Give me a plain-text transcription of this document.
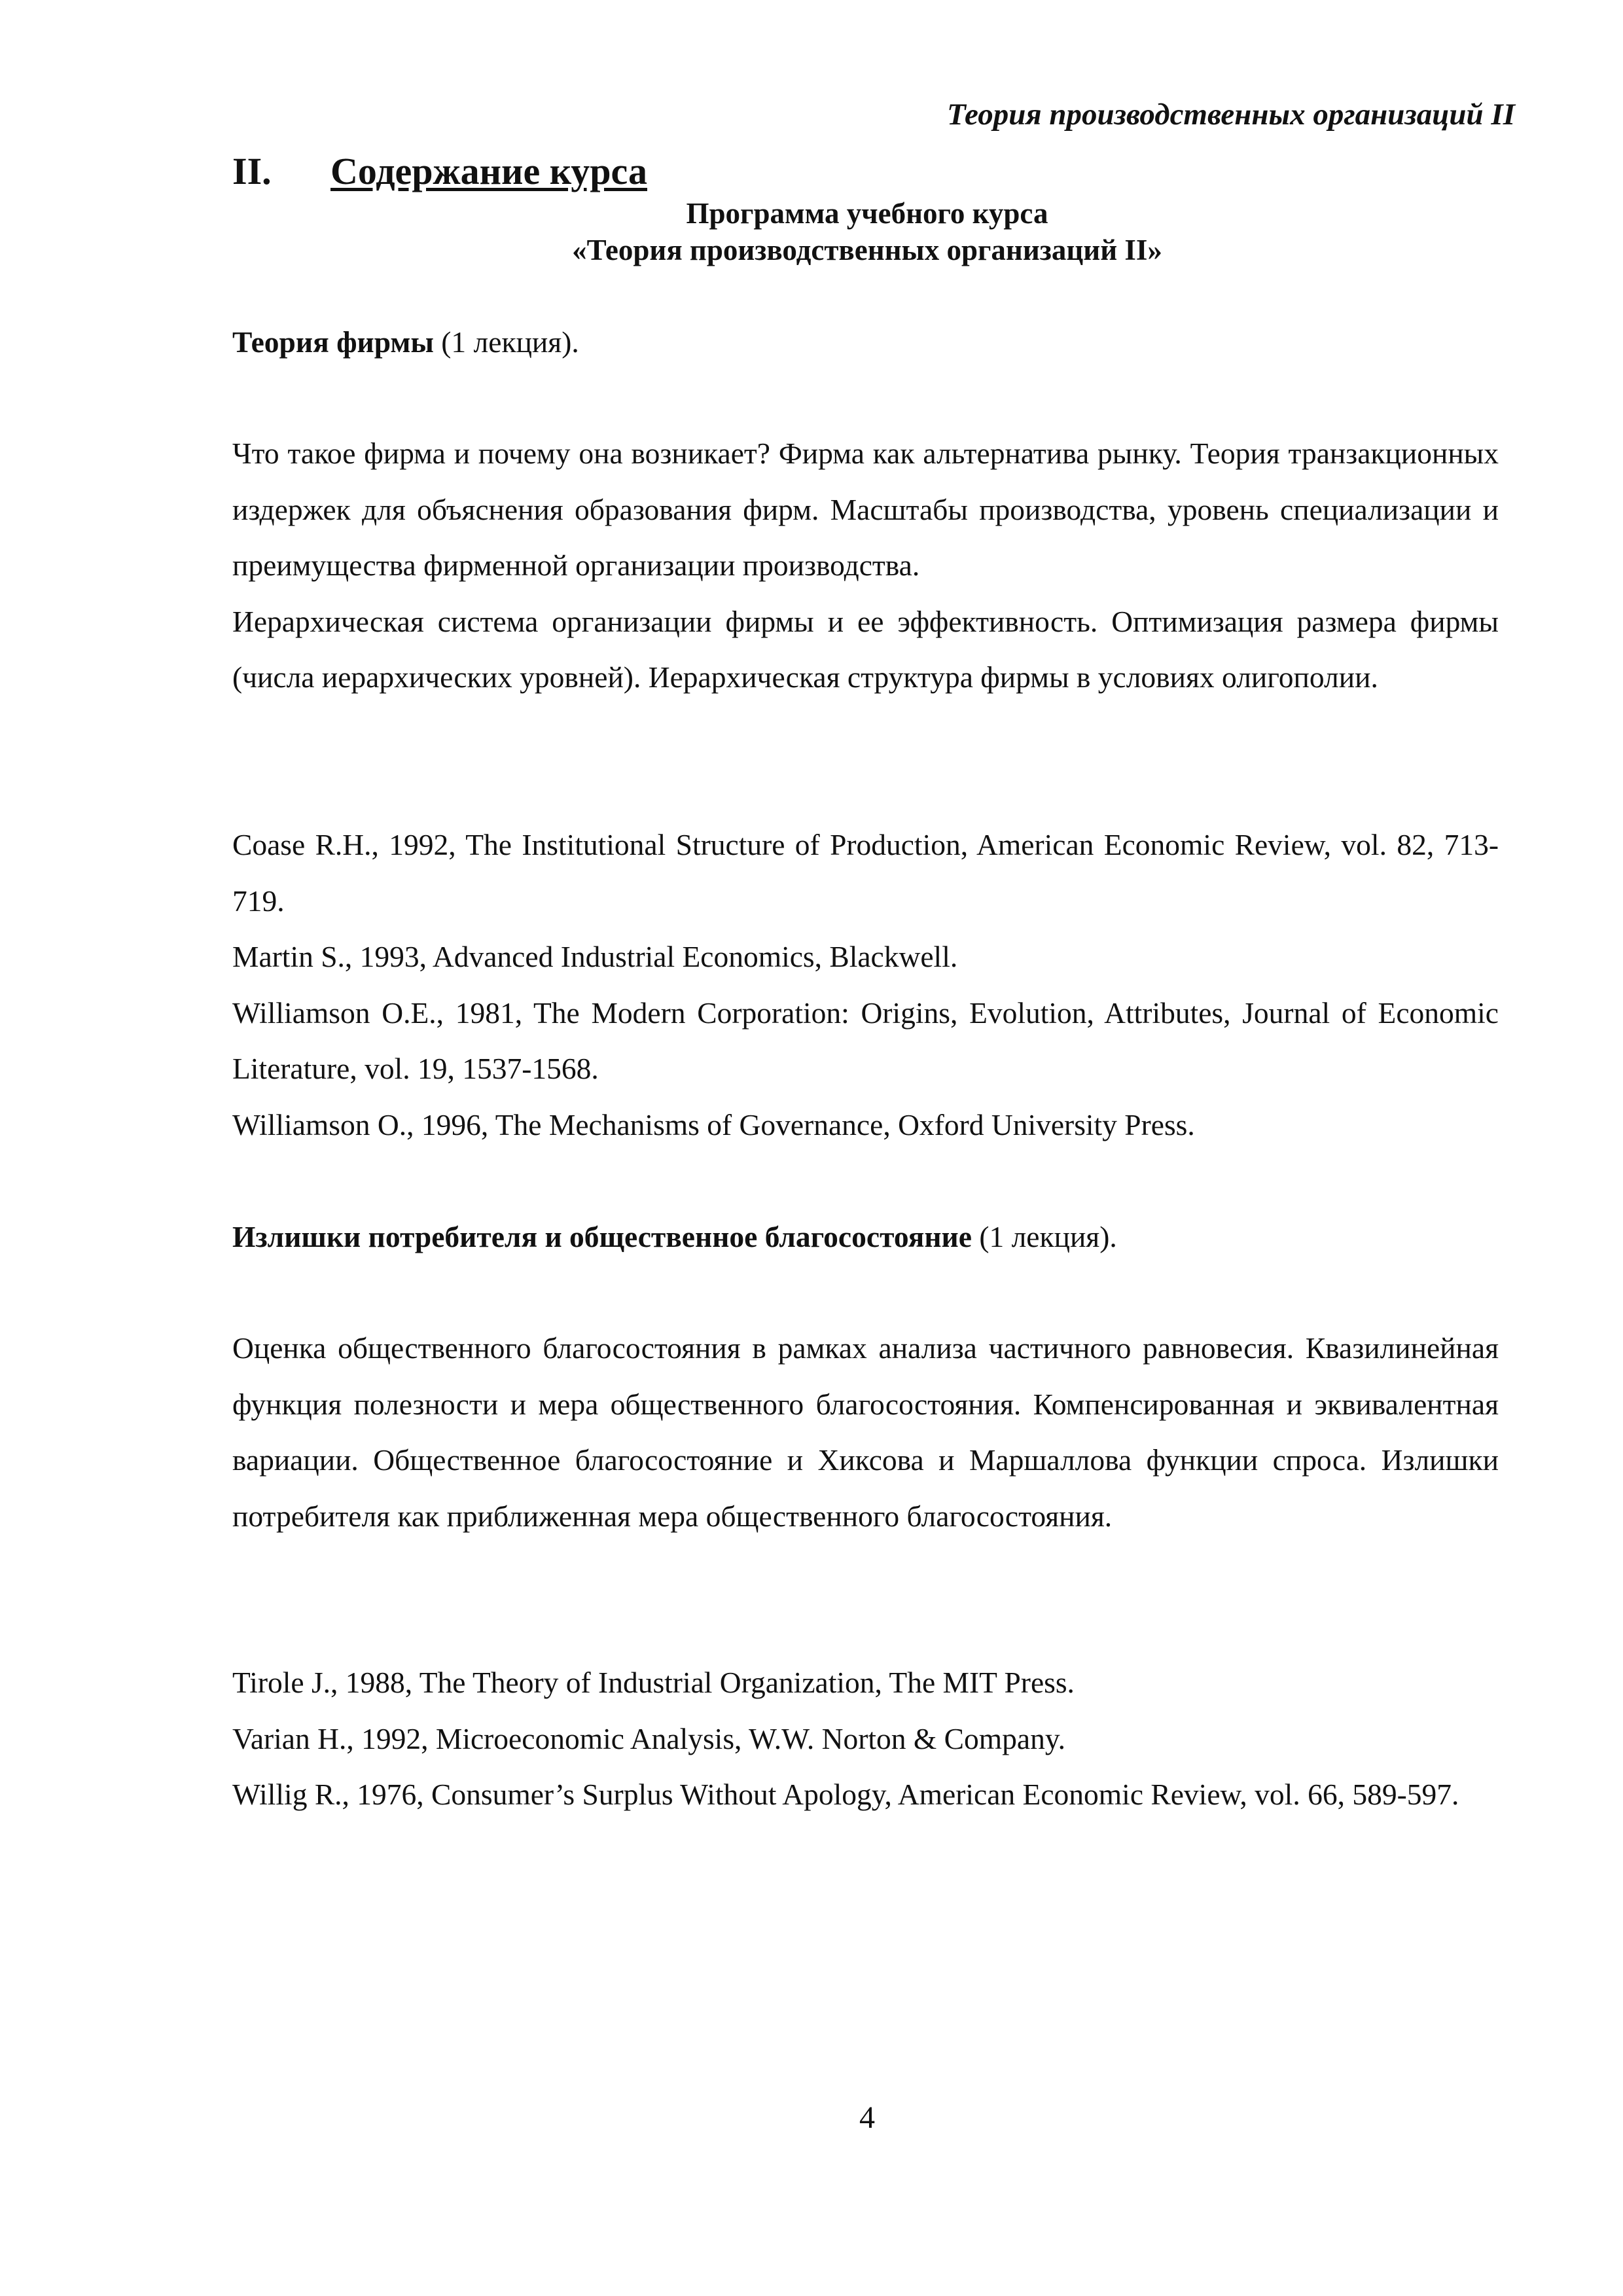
Теория производственных организаций II
II. Содержание курса
Программа учебного курса
«Теория производственных организаций II»
Теория фирмы (1 лекция).

Что такое фирма и почему она возникает? Фирма как альтернатива рынку. Теория транзакционных издержек для объяснения образования фирм. Масштабы производства, уровень специализации и преимущества фирменной организации производства.

Иерархическая система организации фирмы и ее эффективность. Оптимизация размера фирмы (числа иерархических уровней). Иерархическая структура фирмы в условиях олигополии.

Coase R.H., 1992, The Institutional Structure of Production, American Economic Review, vol. 82, 713-719.

Martin S., 1993, Advanced Industrial Economics, Blackwell.

Williamson O.E., 1981, The Modern Corporation: Origins, Evolution, Attributes, Journal of Economic Literature, vol. 19, 1537-1568.

Williamson O., 1996, The Mechanisms of Governance, Oxford University Press.

Излишки потребителя и общественное благосостояние (1 лекция).

Оценка общественного благосостояния в рамках анализа частичного равновесия. Квазилинейная функция полезности и мера общественного благосостояния. Компенсированная и эквивалентная вариации. Общественное благосостояние и Хиксова и Маршаллова функции спроса. Излишки потребителя как приближенная мера общественного благосостояния.

Tirole J., 1988, The Theory of Industrial Organization, The MIT Press.

Varian H., 1992, Microeconomic Analysis, W.W. Norton & Company.

Willig R., 1976, Consumer’s Surplus Without Apology, American Economic Review, vol. 66, 589-597.

4
